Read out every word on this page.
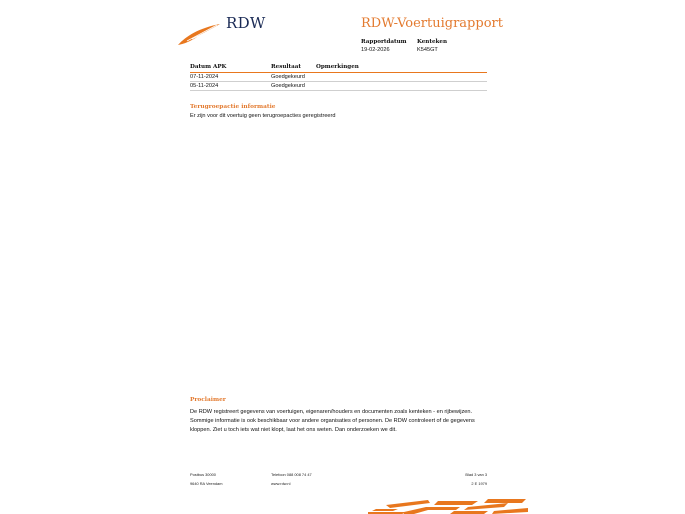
RDW	RDW-Voertuigrapport
Rapportdatum
19-02-2026
Kenteken
K545GT
Datum APK	Resultaat	Opmerkingen
07-11-2024	Goedgekeurd
05-11-2024	Goedgekeurd
Terugroepactie informatie
Er zijn voor dit voertuig geen terugroepacties geregistreerd
Proclaimer
De RDW registreert gegevens van voertuigen, eigenaren/houders en documenten zoals kenteken - en rijbewijzen.
Sommige informatie is ook beschikbaar voor andere organisaties of personen. De RDW controleert of de gegevens
kloppen. Ziet u toch iets wat niet klopt, laat het ons weten. Dan onderzoeken we dit.
Postbus 30000
9640 RA Veendam
Telefoon 088 008 74 47
www.rdw.nl
Blad 3 van 3
2 E 1979
